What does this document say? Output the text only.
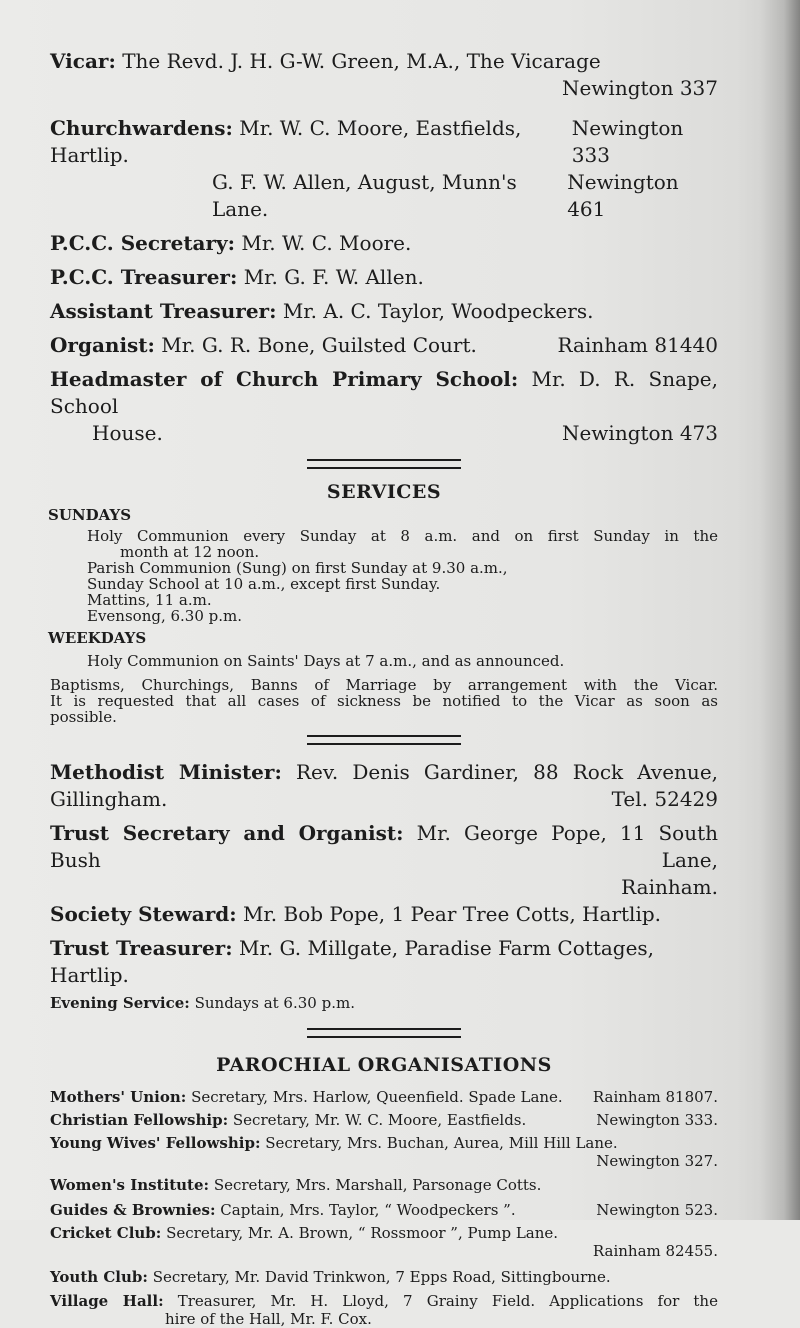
Vicar: The Revd. J. H. G-W. Green, M.A., The Vicarage
Newington 337
Churchwardens: Mr. W. C. Moore, Eastfields, Hartlip.
Newington 333
G. F. W. Allen, August, Munn's Lane.
Newington 461
P.C.C. Secretary: Mr. W. C. Moore.
P.C.C. Treasurer: Mr. G. F. W. Allen.
Assistant Treasurer: Mr. A. C. Taylor, Woodpeckers.
Organist: Mr. G. R. Bone, Guilsted Court.	Rainham 81440
Headmaster of Church Primary School: Mr. D. R. Snape, School
House.	Newington 473
SERVICES
SUNDAYS
Holy Communion every Sunday at 8 a.m. and on first Sunday in the
month at 12 noon.
Parish Communion (Sung) on first Sunday at 9.30 a.m.,
Sunday School at 10 a.m., except first Sunday.
Mattins, 11 a.m.
Evensong, 6.30 p.m.
WEEKDAYS
Holy Communion on Saints' Days at 7 a.m., and as announced.
Baptisms, Churchings, Banns of Marriage by arrangement with the Vicar.
It is requested that all cases of sickness be notified to the Vicar as soon as
possible.
Methodist Minister: Rev. Denis Gardiner, 88 Rock Avenue,
Gillingham.	Tel. 52429
Trust Secretary and Organist: Mr. George Pope, 11 South Bush Lane,
Rainham.
Society Steward: Mr. Bob Pope, 1 Pear Tree Cotts, Hartlip.
Trust Treasurer: Mr. G. Millgate, Paradise Farm Cottages, Hartlip.
Evening Service: Sundays at 6.30 p.m.
PAROCHIAL ORGANISATIONS
Mothers' Union: Secretary, Mrs. Harlow, Queenfield. Spade Lane. Rainham 81807.
Christian Fellowship: Secretary, Mr. W. C. Moore, Eastfields.	Newington 333.
Young Wives' Fellowship: Secretary, Mrs. Buchan, Aurea, Mill Hill Lane.
Newington 327.
Women's Institute: Secretary, Mrs. Marshall, Parsonage Cotts.
Guides & Brownies: Captain, Mrs. Taylor, “ Woodpeckers ”.	Newington 523.
Cricket Club: Secretary, Mr. A. Brown, “ Rossmoor ”, Pump Lane.
Rainham 82455.
Youth Club: Secretary, Mr. David Trinkwon, 7 Epps Road, Sittingbourne.
Village Hall: Treasurer, Mr. H. Lloyd, 7 Grainy Field. Applications for the
hire of the Hall, Mr. F. Cox.
